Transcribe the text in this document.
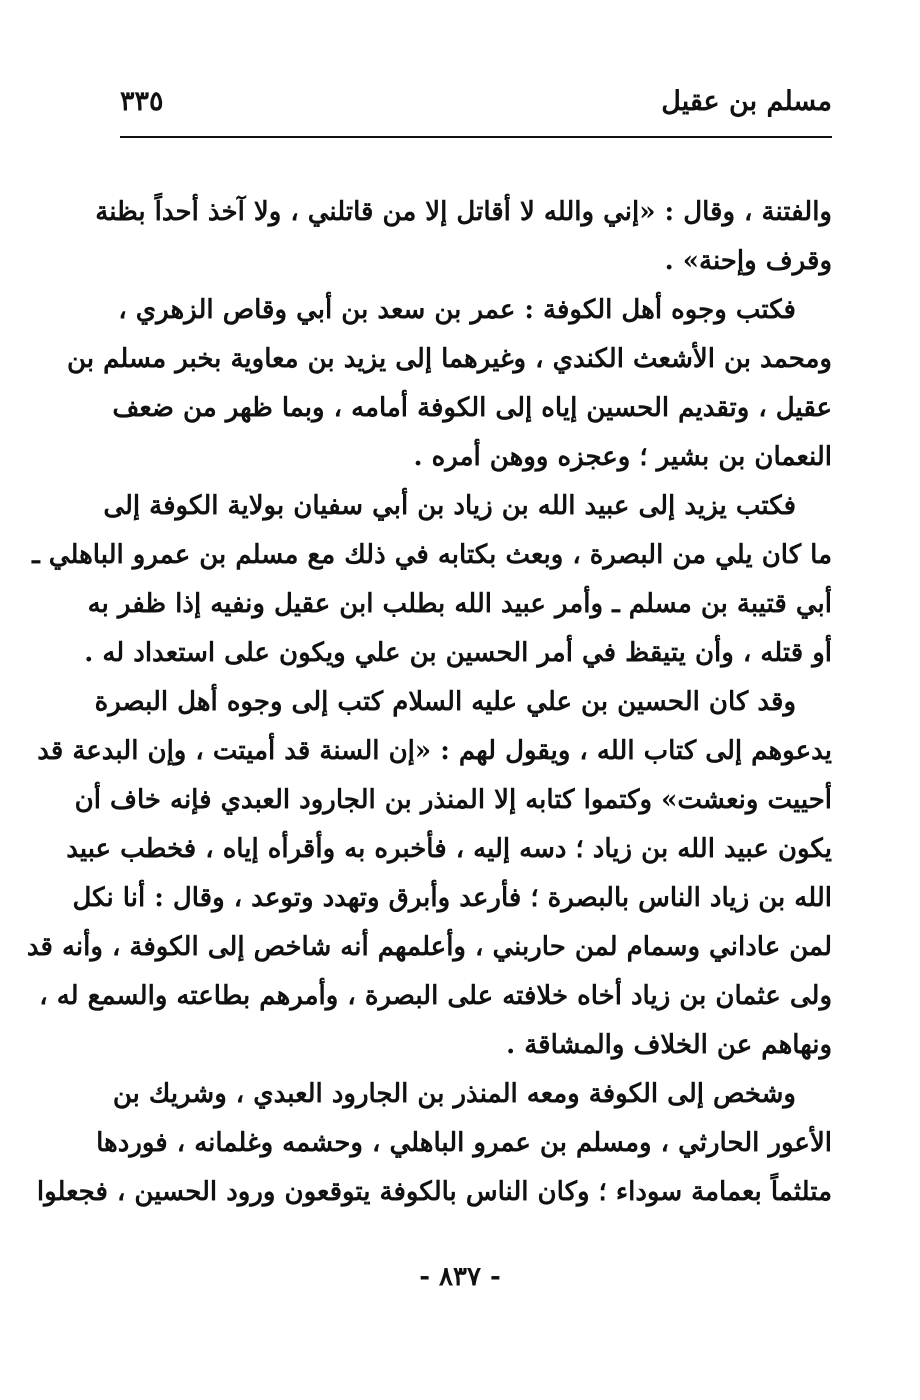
مسلم بن عقيل
٣٣٥
والفتنة ، وقال : «إني والله لا أقاتل إلا من قاتلني ، ولا آخذ أحداً بظنة
وقرف وإحنة» .
فكتب وجوه أهل الكوفة : عمر بن سعد بن أبي وقاص الزهري ،
ومحمد بن الأشعث الكندي ، وغيرهما إلى يزيد بن معاوية بخبر مسلم بن
عقيل ، وتقديم الحسين إياه إلى الكوفة أمامه ، وبما ظهر من ضعف
النعمان بن بشير ؛ وعجزه ووهن أمره .
فكتب يزيد إلى عبيد الله بن زياد بن أبي سفيان بولاية الكوفة إلى
ما كان يلي من البصرة ، وبعث بكتابه في ذلك مع مسلم بن عمرو الباهلي ـ
أبي قتيبة بن مسلم ـ وأمر عبيد الله بطلب ابن عقيل ونفيه إذا ظفر به
أو قتله ، وأن يتيقظ في أمر الحسين بن علي ويكون على استعداد له .
وقد كان الحسين بن علي عليه السلام كتب إلى وجوه أهل البصرة
يدعوهم إلى كتاب الله ، ويقول لهم : «إن السنة قد أميتت ، وإن البدعة قد
أحييت ونعشت» وكتموا كتابه إلا المنذر بن الجارود العبدي فإنه خاف أن
يكون عبيد الله بن زياد ؛ دسه إليه ، فأخبره به وأقرأه إياه ، فخطب عبيد
الله بن زياد الناس بالبصرة ؛ فأرعد وأبرق وتهدد وتوعد ، وقال : أنا نكل
لمن عاداني وسمام لمن حاربني ، وأعلمهم أنه شاخص إلى الكوفة ، وأنه قد
ولى عثمان بن زياد أخاه خلافته على البصرة ، وأمرهم بطاعته والسمع له ،
ونهاهم عن الخلاف والمشاقة .
وشخص إلى الكوفة ومعه المنذر بن الجارود العبدي ، وشريك بن
الأعور الحارثي ، ومسلم بن عمرو الباهلي ، وحشمه وغلمانه ، فوردها
متلثماً بعمامة سوداء ؛ وكان الناس بالكوفة يتوقعون ورود الحسين ، فجعلوا
- ٨٣٧ -
